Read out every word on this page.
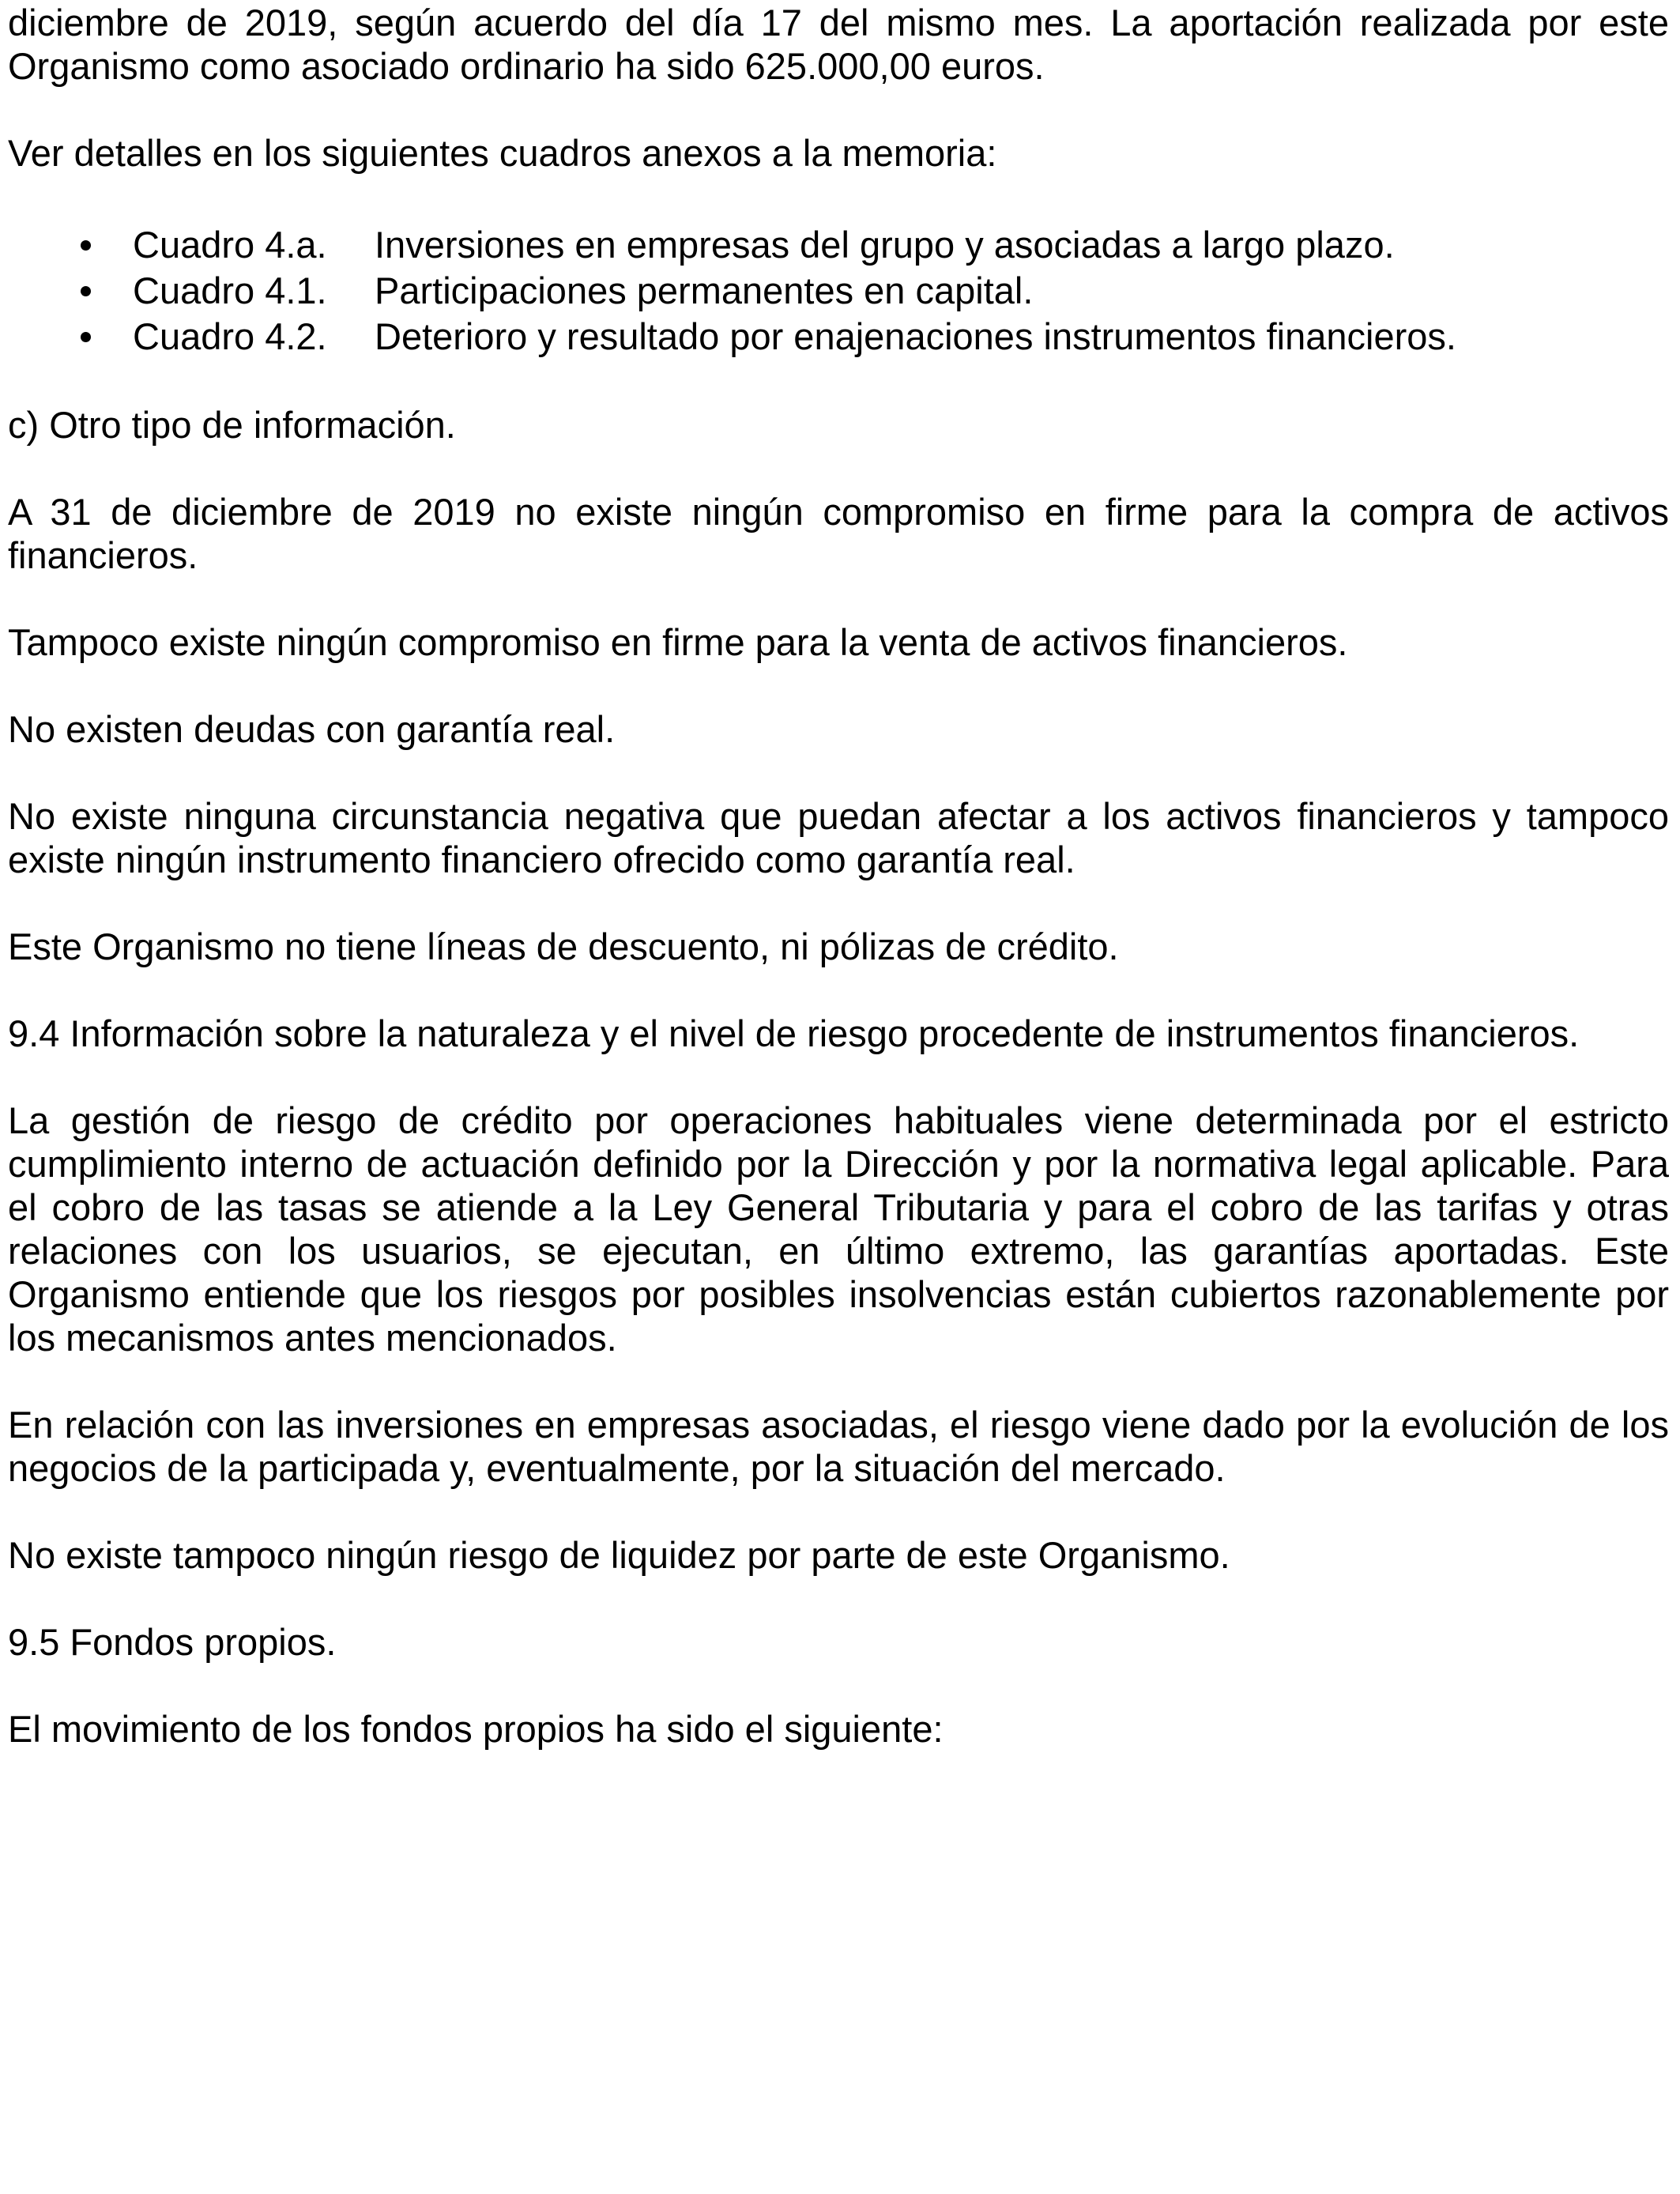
diciembre de 2019, según acuerdo del día 17 del mismo mes. La aportación realizada por este Organismo como asociado ordinario ha sido 625.000,00 euros.

Ver detalles en los siguientes cuadros anexos a la memoria:

Cuadro 4.a. Inversiones en empresas del grupo y asociadas a largo plazo.
Cuadro 4.1. Participaciones permanentes en capital.
Cuadro 4.2. Deterioro y resultado por enajenaciones instrumentos financieros.

c) Otro tipo de información.

A 31 de diciembre de 2019 no existe ningún compromiso en firme para la compra de activos financieros.

Tampoco existe ningún compromiso en firme para la venta de activos financieros.

No existen deudas con garantía real.

No existe ninguna circunstancia negativa que puedan afectar a los activos financieros y tampoco existe ningún instrumento financiero ofrecido como garantía real.

Este Organismo no tiene líneas de descuento, ni pólizas de crédito.

9.4 Información sobre la naturaleza y el nivel de riesgo procedente de instrumentos financieros.

La gestión de riesgo de crédito por operaciones habituales viene determinada por el estricto cumplimiento interno de actuación definido por la Dirección y por la normativa legal aplicable. Para el cobro de las tasas se atiende a la Ley General Tributaria y para el cobro de las tarifas y otras relaciones con los usuarios, se ejecutan, en último extremo, las garantías aportadas. Este Organismo entiende que los riesgos por posibles insolvencias están cubiertos razonablemente por los mecanismos antes mencionados.

En relación con las inversiones en empresas asociadas, el riesgo viene dado por la evolución de los negocios de la participada y, eventualmente, por la situación del mercado.

No existe tampoco ningún riesgo de liquidez por parte de este Organismo.

9.5 Fondos propios.

El movimiento de los fondos propios ha sido el siguiente:
